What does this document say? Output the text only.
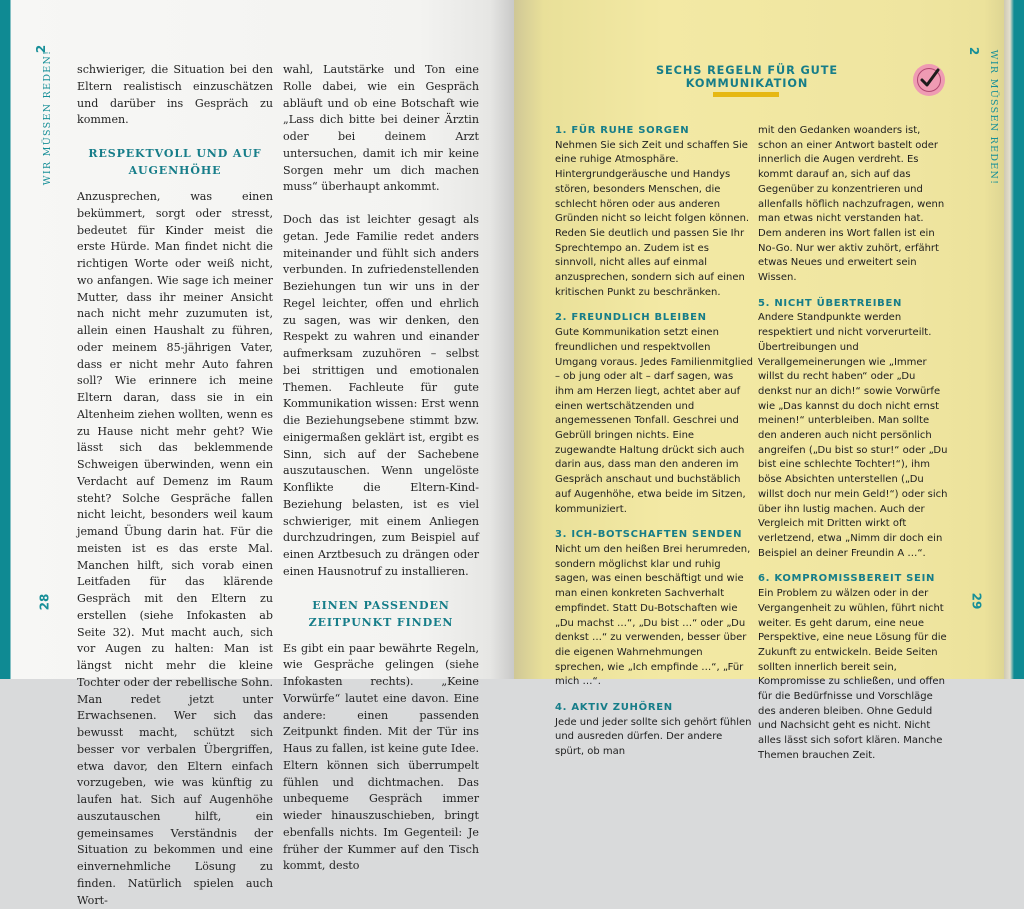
2
WIR MÜSSEN REDEN!
28

schwieriger, die Situation bei den Eltern realistisch einzuschätzen und darüber ins Gespräch zu kommen.

RESPEKTVOLL UND AUF AUGENHÖHE

Anzusprechen, was einen bekümmert, sorgt oder stresst, bedeutet für Kinder meist die erste Hürde. Man findet nicht die richtigen Worte oder weiß nicht, wo anfangen. Wie sage ich meiner Mutter, dass ihr meiner Ansicht nach nicht mehr zuzumuten ist, allein einen Haushalt zu führen, oder meinem 85-jährigen Vater, dass er nicht mehr Auto fahren soll? Wie erinnere ich meine Eltern daran, dass sie in ein Altenheim ziehen wollten, wenn es zu Hause nicht mehr geht? Wie lässt sich das beklemmende Schweigen überwinden, wenn ein Verdacht auf Demenz im Raum steht? Solche Gespräche fallen nicht leicht, besonders weil kaum jemand Übung darin hat. Für die meisten ist es das erste Mal. Manchen hilft, sich vorab einen Leitfaden für das klärende Gespräch mit den Eltern zu erstellen (siehe Infokasten ab Seite 32). Mut macht auch, sich vor Augen zu halten: Man ist längst nicht mehr die kleine Tochter oder der rebellische Sohn. Man redet jetzt unter Erwachsenen. Wer sich das bewusst macht, schützt sich besser vor verbalen Übergriffen, etwa davor, den Eltern einfach vorzugeben, wie was künftig zu laufen hat. Sich auf Augenhöhe auszutauschen hilft, ein gemeinsames Verständnis der Situation zu bekommen und eine einvernehmliche Lösung zu finden. Natürlich spielen auch Wort-

wahl, Lautstärke und Ton eine Rolle dabei, wie ein Gespräch abläuft und ob eine Botschaft wie „Lass dich bitte bei deiner Ärztin oder bei deinem Arzt untersuchen, damit ich mir keine Sorgen mehr um dich machen muss“ überhaupt ankommt.

Doch das ist leichter gesagt als getan. Jede Familie redet anders miteinander und fühlt sich anders verbunden. In zufriedenstellenden Beziehungen tun wir uns in der Regel leichter, offen und ehrlich zu sagen, was wir denken, den Respekt zu wahren und einander aufmerksam zuzuhören – selbst bei strittigen und emotionalen Themen. Fachleute für gute Kommunikation wissen: Erst wenn die Beziehungsebene stimmt bzw. einigermaßen geklärt ist, ergibt es Sinn, sich auf der Sachebene auszutauschen. Wenn ungelöste Konflikte die Eltern-Kind-Beziehung belasten, ist es viel schwieriger, mit einem Anliegen durchzudringen, zum Beispiel auf einen Arztbesuch zu drängen oder einen Hausnotruf zu installieren.

EINEN PASSENDEN ZEITPUNKT FINDEN

Es gibt ein paar bewährte Regeln, wie Gespräche gelingen (siehe Infokasten rechts). „Keine Vorwürfe“ lautet eine davon. Eine andere: einen passenden Zeitpunkt finden. Mit der Tür ins Haus zu fallen, ist keine gute Idee. Eltern können sich überrumpelt fühlen und dichtmachen. Das unbequeme Gespräch immer wieder hinauszuschieben, bringt ebenfalls nichts. Im Gegenteil: Je früher der Kummer auf den Tisch kommt, desto

SECHS REGELN FÜR GUTE KOMMUNIKATION

1. FÜR RUHE SORGEN

Nehmen Sie sich Zeit und schaffen Sie eine ruhige Atmosphäre. Hintergrundgeräusche und Handys stören, besonders Menschen, die schlecht hören oder aus anderen Gründen nicht so leicht folgen können. Reden Sie deutlich und passen Sie Ihr Sprechtempo an. Zudem ist es sinnvoll, nicht alles auf einmal anzusprechen, sondern sich auf einen kritischen Punkt zu beschränken.

2. FREUNDLICH BLEIBEN

Gute Kommunikation setzt einen freundlichen und respektvollen Umgang voraus. Jedes Familienmitglied – ob jung oder alt – darf sagen, was ihm am Herzen liegt, achtet aber auf einen wertschätzenden und angemessenen Tonfall. Geschrei und Gebrüll bringen nichts. Eine zugewandte Haltung drückt sich auch darin aus, dass man den anderen im Gespräch anschaut und buchstäblich auf Augenhöhe, etwa beide im Sitzen, kommuniziert.

3. ICH-BOTSCHAFTEN SENDEN

Nicht um den heißen Brei herumreden, sondern möglichst klar und ruhig sagen, was einen beschäftigt und wie man einen konkreten Sachverhalt empfindet. Statt Du-Botschaften wie „Du machst …“, „Du bist …“ oder „Du denkst …“ zu verwenden, besser über die eigenen Wahrnehmungen sprechen, wie „Ich empfinde …“, „Für mich …“.

4. AKTIV ZUHÖREN

Jede und jeder sollte sich gehört fühlen und ausreden dürfen. Der andere spürt, ob man

mit den Gedanken woanders ist, schon an einer Antwort bastelt oder innerlich die Augen verdreht. Es kommt darauf an, sich auf das Gegenüber zu konzentrieren und allenfalls höflich nachzufragen, wenn man etwas nicht verstanden hat. Dem anderen ins Wort fallen ist ein No-Go. Nur wer aktiv zuhört, erfährt etwas Neues und erweitert sein Wissen.

5. NICHT ÜBERTREIBEN

Andere Standpunkte werden respektiert und nicht vorverurteilt. Übertreibungen und Verallgemeinerungen wie „Immer willst du recht haben“ oder „Du denkst nur an dich!“ sowie Vorwürfe wie „Das kannst du doch nicht ernst meinen!“ unterbleiben. Man sollte den anderen auch nicht persönlich angreifen („Du bist so stur!“ oder „Du bist eine schlechte Tochter!“), ihm böse Absichten unterstellen („Du willst doch nur mein Geld!“) oder sich über ihn lustig machen. Auch der Vergleich mit Dritten wirkt oft verletzend, etwa „Nimm dir doch ein Beispiel an deiner Freundin A …“.

6. KOMPROMISSBEREIT SEIN

Ein Problem zu wälzen oder in der Vergangenheit zu wühlen, führt nicht weiter. Es geht darum, eine neue Perspektive, eine neue Lösung für die Zukunft zu entwickeln. Beide Seiten sollten innerlich bereit sein, Kompromisse zu schließen, und offen für die Bedürfnisse und Vorschläge des anderen bleiben. Ohne Geduld und Nachsicht geht es nicht. Nicht alles lässt sich sofort klären. Manche Themen brauchen Zeit.

2 WIR MÜSSEN REDEN!
29
